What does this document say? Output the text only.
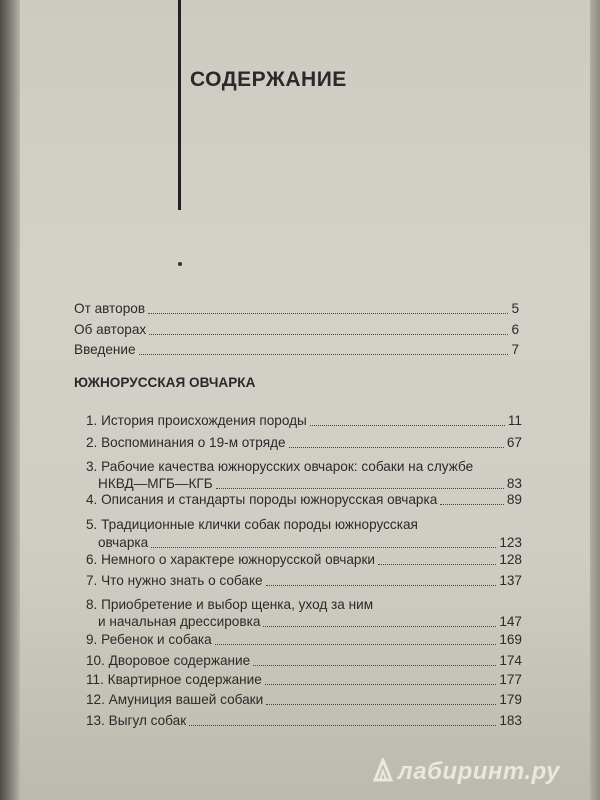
СОДЕРЖАНИЕ
От авторов	5
Об авторах	6
Введение	7
ЮЖНОРУССКАЯ ОВЧАРКА
1. История происхождения породы	11
2. Воспоминания о 19-м отряде	67
3. Рабочие качества южнорусских овчарок: собаки на службе
НКВД—МГБ—КГБ	83
4. Описания и стандарты породы южнорусская овчарка	89
5. Традиционные клички собак породы южнорусская
овчарка	123
6. Немного о характере южнорусской овчарки	128
7. Что нужно знать о собаке	137
8. Приобретение и выбор щенка, уход за ним
и начальная дрессировка	147
9. Ребенок и собака	169
10. Дворовое содержание	174
11. Квартирное содержание	177
12. Амуниция вашей собаки	179
13. Выгул собак	183
лабиринт.ру
